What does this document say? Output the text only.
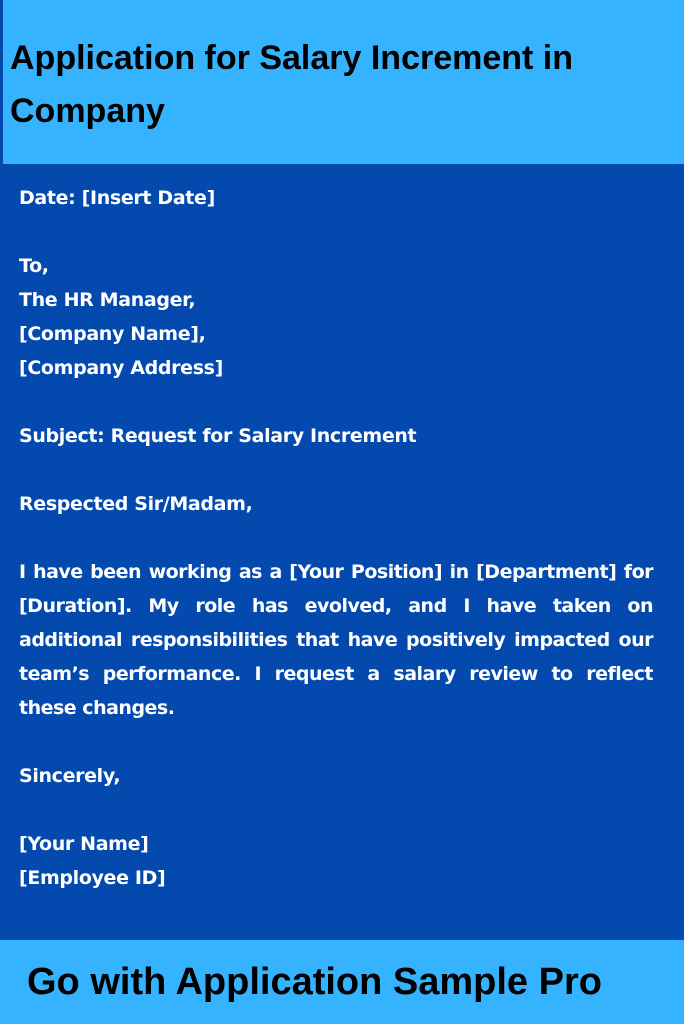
Application for Salary Increment in Company
Date: [Insert Date]
To,
The HR Manager,
[Company Name],
[Company Address]
Subject: Request for Salary Increment
Respected Sir/Madam,
I have been working as a [Your Position] in [Department] for [Duration]. My role has evolved, and I have taken on additional responsibilities that have positively impacted our team’s performance. I request a salary review to reflect these changes.
Sincerely,
[Your Name]
[Employee ID]

Go with Application Sample Pro
